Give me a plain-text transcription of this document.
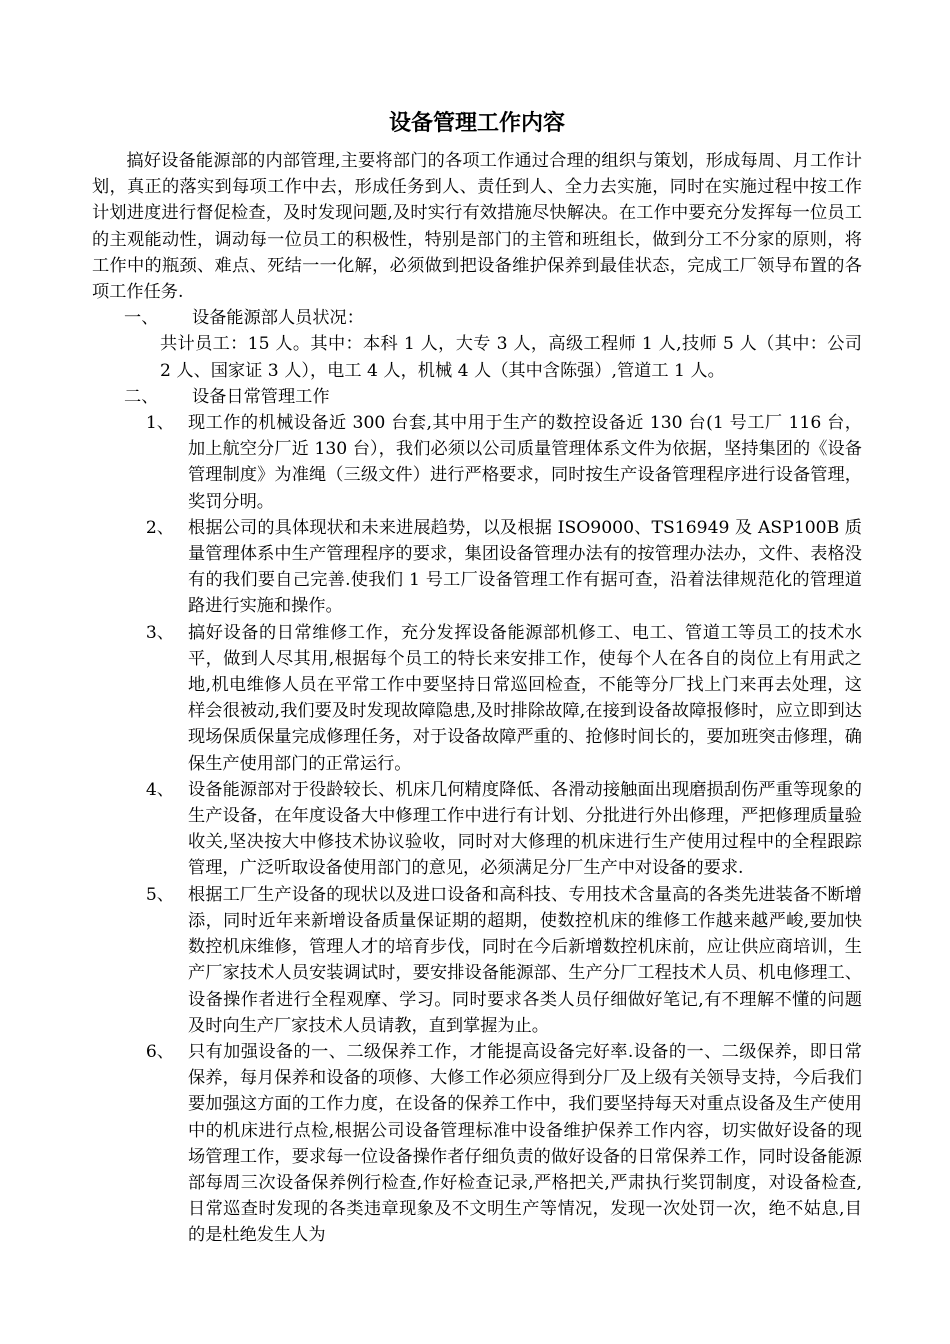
设备管理工作内容

搞好设备能源部的内部管理,主要将部门的各项工作通过合理的组织与策划，形成每周、月工作计划，真正的落实到每项工作中去，形成任务到人、责任到人、全力去实施，同时在实施过程中按工作计划进度进行督促检查，及时发现问题,及时实行有效措施尽快解决。在工作中要充分发挥每一位员工的主观能动性，调动每一位员工的积极性，特别是部门的主管和班组长，做到分工不分家的原则，将工作中的瓶颈、难点、死结一一化解，必须做到把设备维护保养到最佳状态，完成工厂领导布置的各项工作任务.

一、	设备能源部人员状况：

共计员工：15 人。其中：本科 1 人，大专 3 人，高级工程师 1 人,技师 5 人（其中：公司 2 人、国家证 3 人），电工 4 人，机械 4 人（其中含陈强）,管道工 1 人。

二、	设备日常管理工作
1、 现工作的机械设备近 300 台套,其中用于生产的数控设备近 130 台(1 号工厂 116 台，加上航空分厂近 130 台），我们必须以公司质量管理体系文件为依据，坚持集团的《设备管理制度》为准绳（三级文件）进行严格要求，同时按生产设备管理程序进行设备管理，奖罚分明。
2、 根据公司的具体现状和未来进展趋势，以及根据 ISO9000、TS16949 及 ASP100B 质量管理体系中生产管理程序的要求，集团设备管理办法有的按管理办法办，文件、表格没有的我们要自己完善.使我们 1 号工厂设备管理工作有据可查，沿着法律规范化的管理道路进行实施和操作。
3、 搞好设备的日常维修工作，充分发挥设备能源部机修工、电工、管道工等员工的技术水平，做到人尽其用,根据每个员工的特长来安排工作，使每个人在各自的岗位上有用武之地,机电维修人员在平常工作中要坚持日常巡回检查，不能等分厂找上门来再去处理，这样会很被动,我们要及时发现故障隐患,及时排除故障,在接到设备故障报修时，应立即到达现场保质保量完成修理任务，对于设备故障严重的、抢修时间长的，要加班突击修理，确保生产使用部门的正常运行。
4、 设备能源部对于役龄较长、机床几何精度降低、各滑动接触面出现磨损刮伤严重等现象的生产设备，在年度设备大中修理工作中进行有计划、分批进行外出修理，严把修理质量验收关,坚决按大中修技术协议验收，同时对大修理的机床进行生产使用过程中的全程跟踪管理，广泛听取设备使用部门的意见，必须满足分厂生产中对设备的要求.
5、 根据工厂生产设备的现状以及进口设备和高科技、专用技术含量高的各类先进装备不断增添，同时近年来新增设备质量保证期的超期，使数控机床的维修工作越来越严峻,要加快数控机床维修，管理人才的培育步伐，同时在今后新增数控机床前，应让供应商培训，生产厂家技术人员安装调试时，要安排设备能源部、生产分厂工程技术人员、机电修理工、设备操作者进行全程观摩、学习。同时要求各类人员仔细做好笔记,有不理解不懂的问题及时向生产厂家技术人员请教，直到掌握为止。
6、 只有加强设备的一、二级保养工作，才能提高设备完好率.设备的一、二级保养，即日常保养，每月保养和设备的项修、大修工作必须应得到分厂及上级有关领导支持，今后我们要加强这方面的工作力度，在设备的保养工作中，我们要坚持每天对重点设备及生产使用中的机床进行点检,根据公司设备管理标准中设备维护保养工作内容，切实做好设备的现场管理工作，要求每一位设备操作者仔细负责的做好设备的日常保养工作，同时设备能源部每周三次设备保养例行检查,作好检查记录,严格把关,严肃执行奖罚制度，对设备检查,日常巡查时发现的各类违章现象及不文明生产等情况，发现一次处罚一次，绝不姑息,目的是杜绝发生人为
